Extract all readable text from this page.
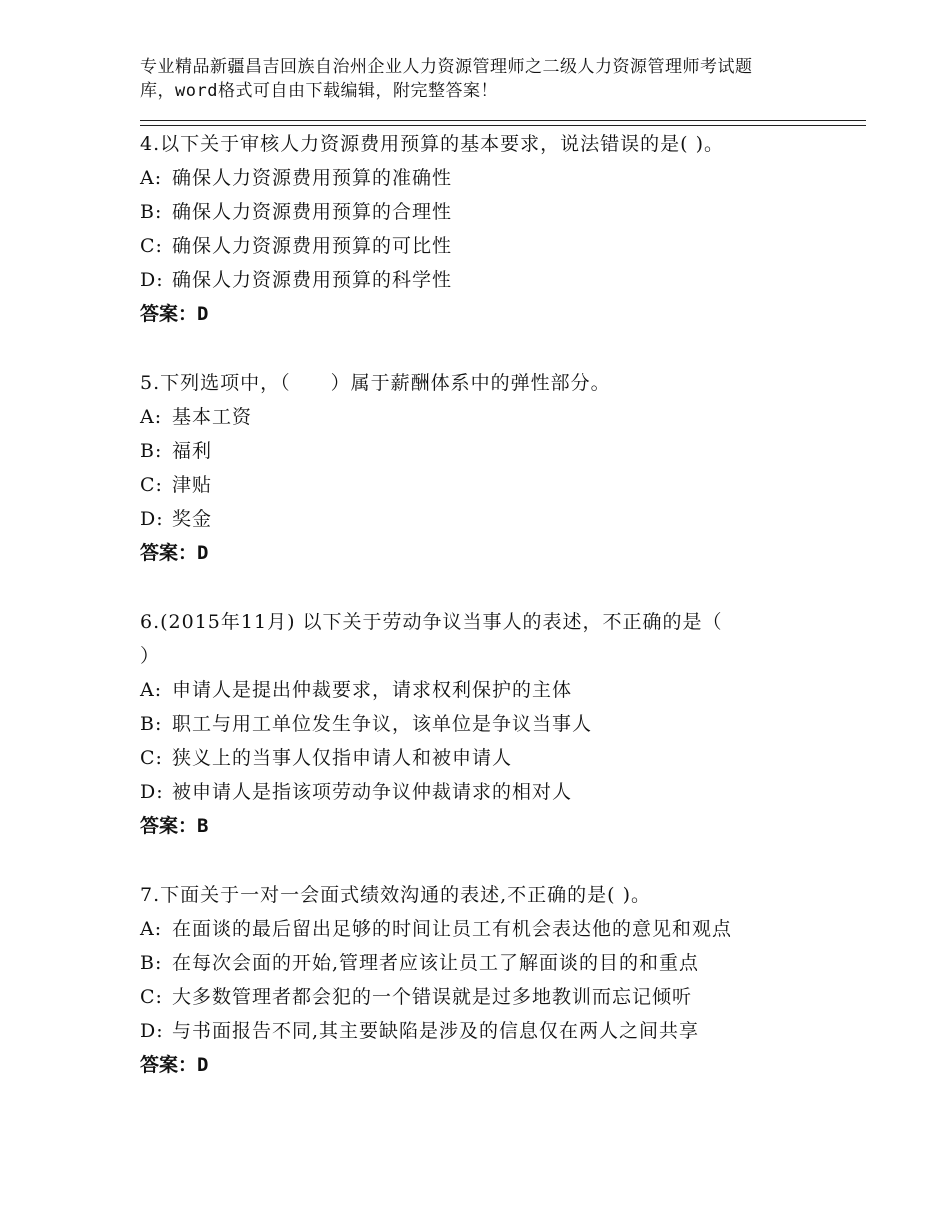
专业精品新疆昌吉回族自治州企业人力资源管理师之二级人力资源管理师考试题
库，word格式可自由下载编辑，附完整答案！
4.以下关于审核人力资源费用预算的基本要求，说法错误的是( )。
A: 确保人力资源费用预算的准确性
B: 确保人力资源费用预算的合理性
C: 确保人力资源费用预算的可比性
D: 确保人力资源费用预算的科学性
答案：D
5.下列选项中，（　　）属于薪酬体系中的弹性部分。
A: 基本工资
B: 福利
C: 津贴
D: 奖金
答案：D
6.(2015年11月) 以下关于劳动争议当事人的表述，不正确的是（
）
A: 申请人是提出仲裁要求，请求权利保护的主体
B: 职工与用工单位发生争议，该单位是争议当事人
C: 狭义上的当事人仅指申请人和被申请人
D: 被申请人是指该项劳动争议仲裁请求的相对人
答案：B
7.下面关于一对一会面式绩效沟通的表述,不正确的是( )。
A: 在面谈的最后留出足够的时间让员工有机会表达他的意见和观点
B: 在每次会面的开始,管理者应该让员工了解面谈的目的和重点
C: 大多数管理者都会犯的一个错误就是过多地教训而忘记倾听
D: 与书面报告不同,其主要缺陷是涉及的信息仅在两人之间共享
答案：D
